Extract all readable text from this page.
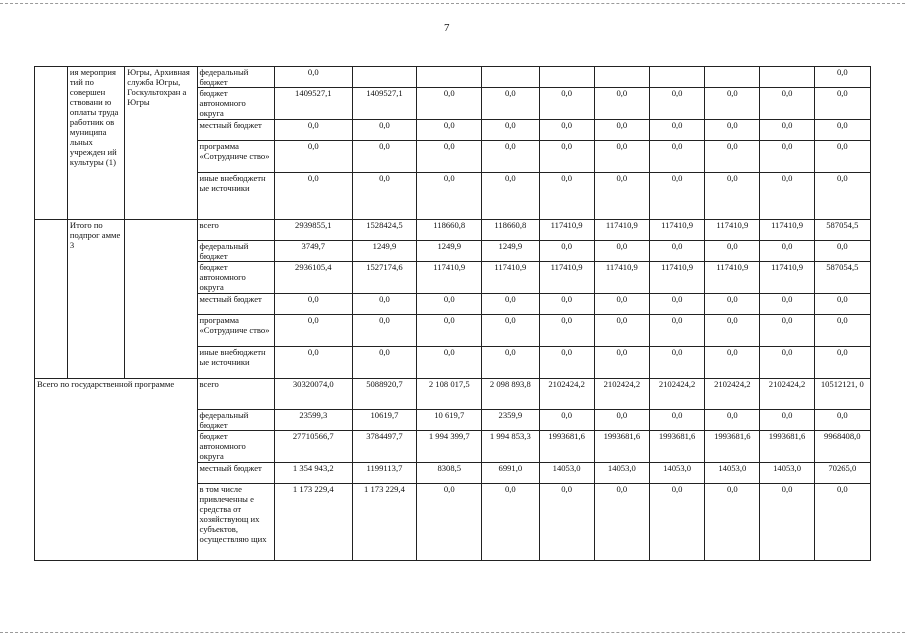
7
	ия мероприя тий по совершен ствовани ю оплаты труда работник ов муниципа льных учрежден ий культуры (1)	Югры, Архивная служба Югры, Госкультохран а Югры	федеральный бюджет	0,0									0,0
			бюджет автономного округа	1409527,1	1409527,1	0,0	0,0	0,0	0,0	0,0	0,0	0,0	0,0
			местный бюджет	0,0	0,0	0,0	0,0	0,0	0,0	0,0	0,0	0,0	0,0
			программа «Сотрудниче ство»	0,0	0,0	0,0	0,0	0,0	0,0	0,0	0,0	0,0	0,0
			иные внебюджетн ые источники	0,0	0,0	0,0	0,0	0,0	0,0	0,0	0,0	0,0	0,0
	Итого по подпрог амме 3		всего	2939855,1	1528424,5	118660,8	118660,8	117410,9	117410,9	117410,9	117410,9	117410,9	587054,5
			федеральный бюджет	3749,7	1249,9	1249,9	1249,9	0,0	0,0	0,0	0,0	0,0	0,0
			бюджет автономного округа	2936105,4	1527174,6	117410,9	117410,9	117410,9	117410,9	117410,9	117410,9	117410,9	587054,5
			местный бюджет	0,0	0,0	0,0	0,0	0,0	0,0	0,0	0,0	0,0	0,0
			программа «Сотрудниче ство»	0,0	0,0	0,0	0,0	0,0	0,0	0,0	0,0	0,0	0,0
			иные внебюджетн ые источники	0,0	0,0	0,0	0,0	0,0	0,0	0,0	0,0	0,0	0,0
Всего по государственной программе			всего	30320074,0	5088920,7	2 108 017,5	2 098 893,8	2102424,2	2102424,2	2102424,2	2102424,2	2102424,2	10512121, 0
			федеральный бюджет	23599,3	10619,7	10 619,7	2359,9	0,0	0,0	0,0	0,0	0,0	0,0
			бюджет автономного округа	27710566,7	3784497,7	1 994 399,7	1 994 853,3	1993681,6	1993681,6	1993681,6	1993681,6	1993681,6	9968408,0
			местный бюджет	1 354 943,2	1199113,7	8308,5	6991,0	14053,0	14053,0	14053,0	14053,0	14053,0	70265,0
			в том числе привлеченны е средства от хозяйствующ их субъектов, осуществляю щих	1 173 229,4	1 173 229,4	0,0	0,0	0,0	0,0	0,0	0,0	0,0	0,0
